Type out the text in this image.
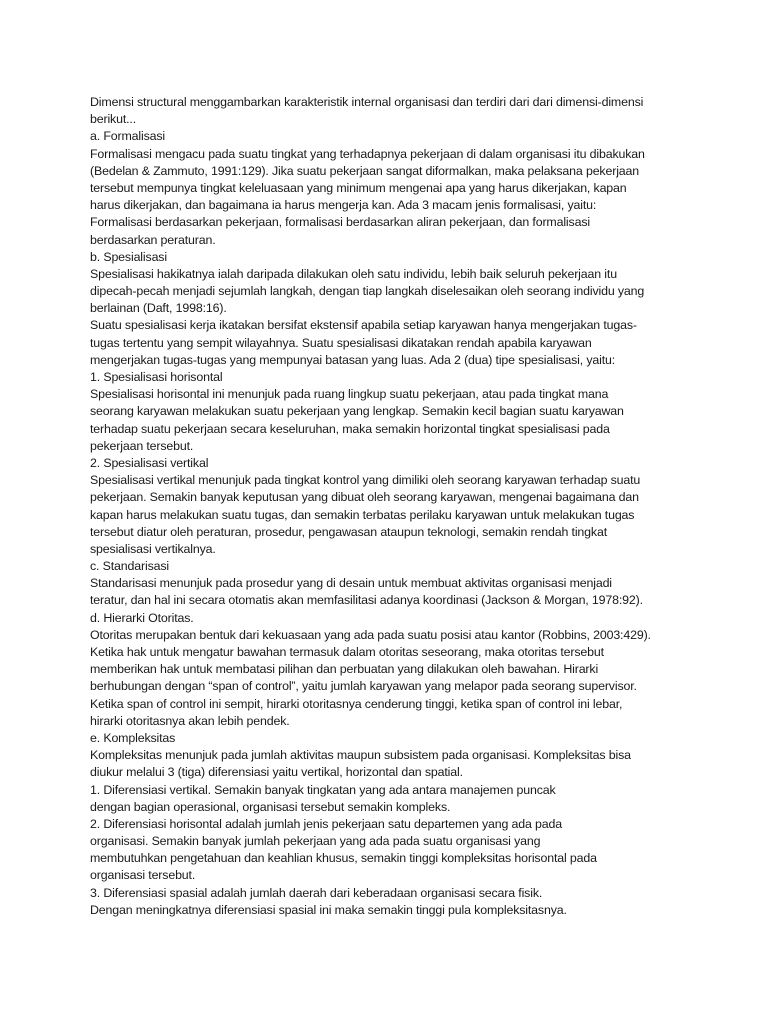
Dimensi structural menggambarkan karakteristik internal organisasi dan terdiri dari dari dimensi-dimensi
berikut...
a. Formalisasi
Formalisasi mengacu pada suatu tingkat yang terhadapnya pekerjaan di dalam organisasi itu dibakukan
(Bedelan & Zammuto, 1991:129). Jika suatu pekerjaan sangat diformalkan, maka pelaksana pekerjaan
tersebut mempunya tingkat keleluasaan yang minimum mengenai apa yang harus dikerjakan, kapan
harus dikerjakan, dan bagaimana ia harus mengerja kan. Ada 3 macam jenis formalisasi, yaitu:
Formalisasi berdasarkan pekerjaan, formalisasi berdasarkan aliran pekerjaan, dan formalisasi
berdasarkan peraturan.
b. Spesialisasi
Spesialisasi hakikatnya ialah daripada dilakukan oleh satu individu, lebih baik seluruh pekerjaan itu
dipecah-pecah menjadi sejumlah langkah, dengan tiap langkah diselesaikan oleh seorang individu yang
berlainan (Daft, 1998:16).
Suatu spesialisasi kerja ikatakan bersifat ekstensif apabila setiap karyawan hanya mengerjakan tugas-
tugas tertentu yang sempit wilayahnya. Suatu spesialisasi dikatakan rendah apabila karyawan
mengerjakan tugas-tugas yang mempunyai batasan yang luas. Ada 2 (dua) tipe spesialisasi, yaitu:
1. Spesialisasi horisontal
Spesialisasi horisontal ini menunjuk pada ruang lingkup suatu pekerjaan, atau pada tingkat mana
seorang karyawan melakukan suatu pekerjaan yang lengkap. Semakin kecil bagian suatu karyawan
terhadap suatu pekerjaan secara keseluruhan, maka semakin horizontal tingkat spesialisasi pada
pekerjaan tersebut.
2. Spesialisasi vertikal
Spesialisasi vertikal menunjuk pada tingkat kontrol yang dimiliki oleh seorang karyawan terhadap suatu
pekerjaan. Semakin banyak keputusan yang dibuat oleh seorang karyawan, mengenai bagaimana dan
kapan harus melakukan suatu tugas, dan semakin terbatas perilaku karyawan untuk melakukan tugas
tersebut diatur oleh peraturan, prosedur, pengawasan ataupun teknologi, semakin rendah tingkat
spesialisasi vertikalnya.
c. Standarisasi
Standarisasi menunjuk pada prosedur yang di desain untuk membuat aktivitas organisasi menjadi
teratur, dan hal ini secara otomatis akan memfasilitasi adanya koordinasi (Jackson & Morgan, 1978:92).
d. Hierarki Otoritas.
Otoritas merupakan bentuk dari kekuasaan yang ada pada suatu posisi atau kantor (Robbins, 2003:429).
Ketika hak untuk mengatur bawahan termasuk dalam otoritas seseorang, maka otoritas tersebut
memberikan hak untuk membatasi pilihan dan perbuatan yang dilakukan oleh bawahan. Hirarki
berhubungan dengan “span of control”, yaitu jumlah karyawan yang melapor pada seorang supervisor.
Ketika span of control ini sempit, hirarki otoritasnya cenderung tinggi, ketika span of control ini lebar,
hirarki otoritasnya akan lebih pendek.
e. Kompleksitas
Kompleksitas menunjuk pada jumlah aktivitas maupun subsistem pada organisasi. Kompleksitas bisa
diukur melalui 3 (tiga) diferensiasi yaitu vertikal, horizontal dan spatial.
1. Diferensiasi vertikal. Semakin banyak tingkatan yang ada antara manajemen puncak
dengan bagian operasional, organisasi tersebut semakin kompleks.
2. Diferensiasi horisontal adalah jumlah jenis pekerjaan satu departemen yang ada pada
organisasi. Semakin banyak jumlah pekerjaan yang ada pada suatu organisasi yang
membutuhkan pengetahuan dan keahlian khusus, semakin tinggi kompleksitas horisontal pada
organisasi tersebut.
3. Diferensiasi spasial adalah jumlah daerah dari keberadaan organisasi secara fisik.
Dengan meningkatnya diferensiasi spasial ini maka semakin tinggi pula kompleksitasnya.
